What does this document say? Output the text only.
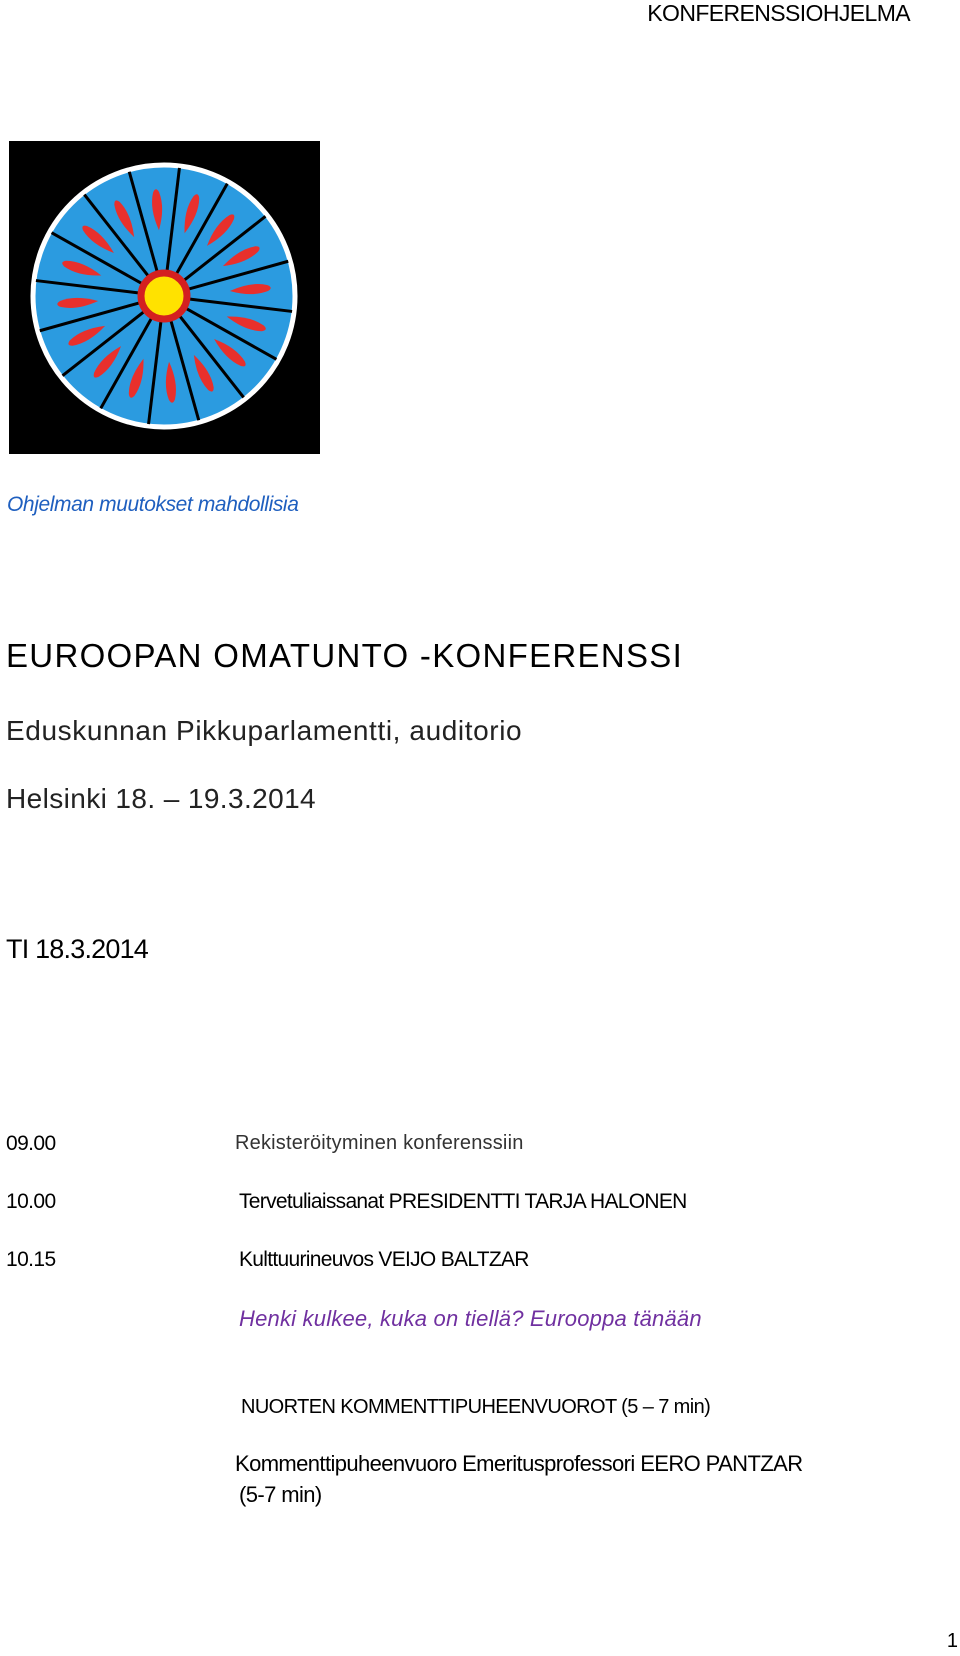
KONFERENSSIOHJELMA
Ohjelman muutokset mahdollisia
EUROOPAN OMATUNTO -KONFERENSSI
Eduskunnan Pikkuparlamentti, auditorio
Helsinki 18. – 19.3.2014
TI 18.3.2014
09.00	Rekisteröityminen konferenssiin
10.00	Tervetuliaissanat PRESIDENTTI TARJA HALONEN
10.15	Kulttuurineuvos VEIJO BALTZAR
Henki kulkee, kuka on tiellä? Eurooppa tänään
NUORTEN KOMMENTTIPUHEENVUOROT (5 – 7 min)
Kommenttipuheenvuoro Emeritusprofessori EERO PANTZAR
(5-7 min)
1
